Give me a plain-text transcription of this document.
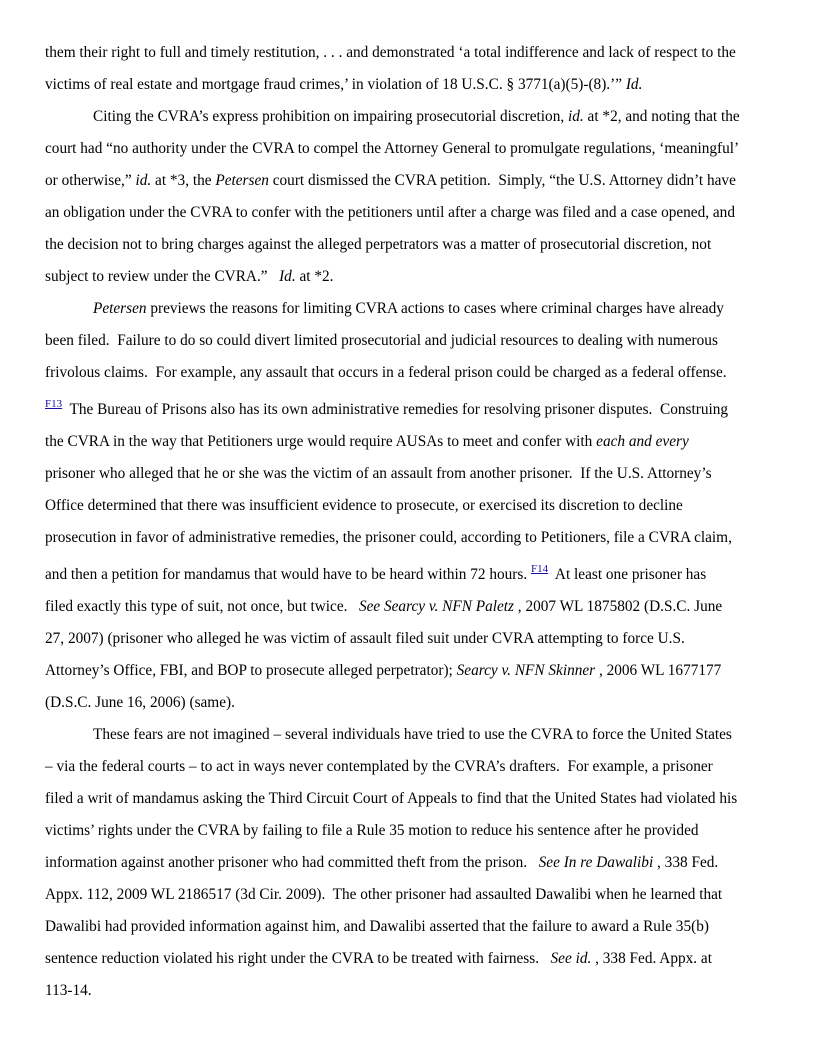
them their right to full and timely restitution, . . . and demonstrated ‘a total indifference and lack of respect to the
victims of real estate and mortgage fraud crimes,’ in violation of 18 U.S.C. § 3771(a)(5)-(8).’” Id.
Citing the CVRA’s express prohibition on impairing prosecutorial discretion, id. at *2, and noting that the
court had “no authority under the CVRA to compel the Attorney General to promulgate regulations, ‘meaningful’
or otherwise,” id. at *3, the Petersen court dismissed the CVRA petition.  Simply, “the U.S. Attorney didn’t have
an obligation under the CVRA to confer with the petitioners until after a charge was filed and a case opened, and
the decision not to bring charges against the alleged perpetrators was a matter of prosecutorial discretion, not
subject to review under the CVRA.”   Id. at *2.
Petersen previews the reasons for limiting CVRA actions to cases where criminal charges have already
been filed.  Failure to do so could divert limited prosecutorial and judicial resources to dealing with numerous
frivolous claims.  For example, any assault that occurs in a federal prison could be charged as a federal offense.
$^{F13}$  The Bureau of Prisons also has its own administrative remedies for resolving prisoner disputes.  Construing
the CVRA in the way that Petitioners urge would require AUSAs to meet and confer with each and every
prisoner who alleged that he or she was the victim of an assault from another prisoner.  If the U.S. Attorney’s
Office determined that there was insufficient evidence to prosecute, or exercised its discretion to decline
prosecution in favor of administrative remedies, the prisoner could, according to Petitioners, file a CVRA claim,
and then a petition for mandamus that would have to be heard within 72 hours. $^{F14}$  At least one prisoner has
filed exactly this type of suit, not once, but twice.   See Searcy v. NFN Paletz , 2007 WL 1875802 (D.S.C. June
27, 2007) (prisoner who alleged he was victim of assault filed suit under CVRA attempting to force U.S.
Attorney’s Office, FBI, and BOP to prosecute alleged perpetrator); Searcy v. NFN Skinner , 2006 WL 1677177
(D.S.C. June 16, 2006) (same).
These fears are not imagined – several individuals have tried to use the CVRA to force the United States
– via the federal courts – to act in ways never contemplated by the CVRA’s drafters.  For example, a prisoner
filed a writ of mandamus asking the Third Circuit Court of Appeals to find that the United States had violated his
victims’ rights under the CVRA by failing to file a Rule 35 motion to reduce his sentence after he provided
information against another prisoner who had committed theft from the prison.   See In re Dawalibi , 338 Fed.
Appx. 112, 2009 WL 2186517 (3d Cir. 2009).  The other prisoner had assaulted Dawalibi when he learned that
Dawalibi had provided information against him, and Dawalibi asserted that the failure to award a Rule 35(b)
sentence reduction violated his right under the CVRA to be treated with fairness.   See id. , 338 Fed. Appx. at
113-14.
